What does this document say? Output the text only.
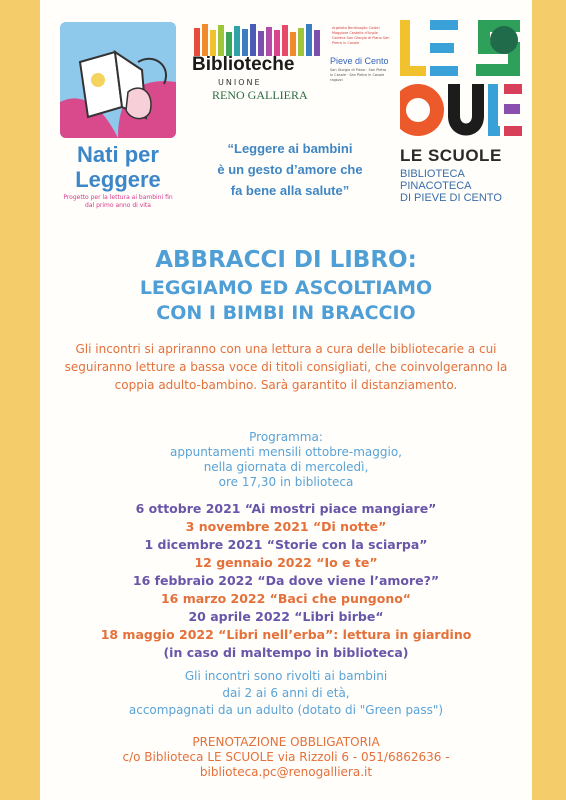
Nati per
Leggere
Progetto per la lettura ai bambini fin dal primo anno di vita
Biblioteche
UNIONE
RENO GALLIERA
Argelato Bentivoglio Castel Maggiore Castello d'Argile Galliera San Giorgio di Piano San Pietro in Casale
Pieve di Cento
San Giorgio di Piano · San Pietro in Casale · San Pietro in Casale ragazzi
“Leggere ai bambini
è un gesto d’amore che
fa bene alla salute”
LE SCUOLE
BIBLIOTECA
PINACOTECA
DI PIEVE DI CENTO
ABBRACCI DI LIBRO:
LEGGIAMO ED ASCOLTIAMO
CON I BIMBI IN BRACCIO
Gli incontri si apriranno con una lettura a cura delle bibliotecarie a cui seguiranno letture a bassa voce di titoli consigliati, che coinvolgeranno la coppia adulto-bambino. Sarà garantito il distanziamento.
Programma:
appuntamenti mensili ottobre-maggio,
nella giornata di mercoledì,
ore 17,30 in biblioteca
6 ottobre 2021 “Ai mostri piace mangiare”
3 novembre 2021 “Di notte”
1 dicembre 2021 “Storie con la sciarpa”
12 gennaio 2022 “Io e te”
16 febbraio 2022 “Da dove viene l’amore?”
16 marzo 2022 “Baci che pungono“
20 aprile 2022 “Libri birbe“
18 maggio 2022 “Libri nell’erba”: lettura in giardino
(in caso di maltempo in biblioteca)
Gli incontri sono rivolti ai bambini
dai 2 ai 6 anni di età,
accompagnati da un adulto (dotato di "Green pass")
PRENOTAZIONE OBBLIGATORIA
c/o Biblioteca LE SCUOLE via Rizzoli 6 - 051/6862636 -
biblioteca.pc@renogalliera.it
